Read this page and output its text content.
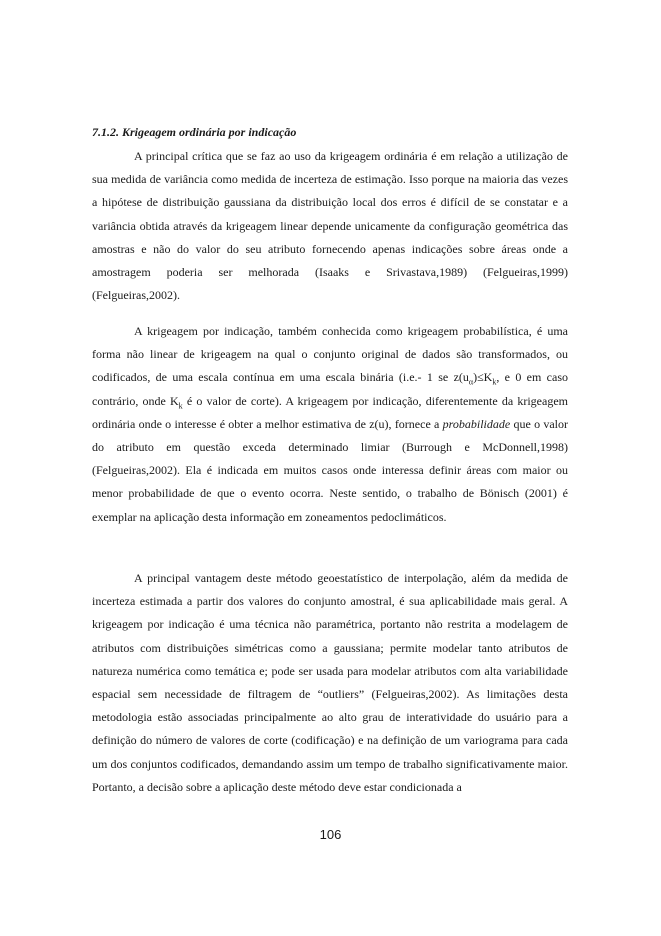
7.1.2. Krigeagem ordinária por indicação

A principal crítica que se faz ao uso da krigeagem ordinária é em relação a utilização de sua medida de variância como medida de incerteza de estimação. Isso porque na maioria das vezes a hipótese de distribuição gaussiana da distribuição local dos erros é difícil de se constatar e a variância obtida através da krigeagem linear depende unicamente da configuração geométrica das amostras e não do valor do seu atributo fornecendo apenas indicações sobre áreas onde a amostragem poderia ser melhorada (Isaaks e Srivastava,1989) (Felgueiras,1999) (Felgueiras,2002).

A krigeagem por indicação, também conhecida como krigeagem probabilística, é uma forma não linear de krigeagem na qual o conjunto original de dados são transformados, ou codificados, de uma escala contínua em uma escala binária (i.e.- 1 se $z(u_\alpha)\le K_k$, e 0 em caso contrário, onde $K_k$ é o valor de corte). A krigeagem por indicação, diferentemente da krigeagem ordinária onde o interesse é obter a melhor estimativa de z(u), fornece a probabilidade que o valor do atributo em questão exceda determinado limiar (Burrough e McDonnell,1998) (Felgueiras,2002). Ela é indicada em muitos casos onde interessa definir áreas com maior ou menor probabilidade de que o evento ocorra. Neste sentido, o trabalho de Bönisch (2001) é exemplar na aplicação desta informação em zoneamentos pedoclimáticos.

A principal vantagem deste método geoestatístico de interpolação, além da medida de incerteza estimada a partir dos valores do conjunto amostral, é sua aplicabilidade mais geral. A krigeagem por indicação é uma técnica não paramétrica, portanto não restrita a modelagem de atributos com distribuições simétricas como a gaussiana; permite modelar tanto atributos de natureza numérica como temática e; pode ser usada para modelar atributos com alta variabilidade espacial sem necessidade de filtragem de “outliers” (Felgueiras,2002). As limitações desta metodologia estão associadas principalmente ao alto grau de interatividade do usuário para a definição do número de valores de corte (codificação) e na definição de um variograma para cada um dos conjuntos codificados, demandando assim um tempo de trabalho significativamente maior. Portanto, a decisão sobre a aplicação deste método deve estar condicionada a

106
